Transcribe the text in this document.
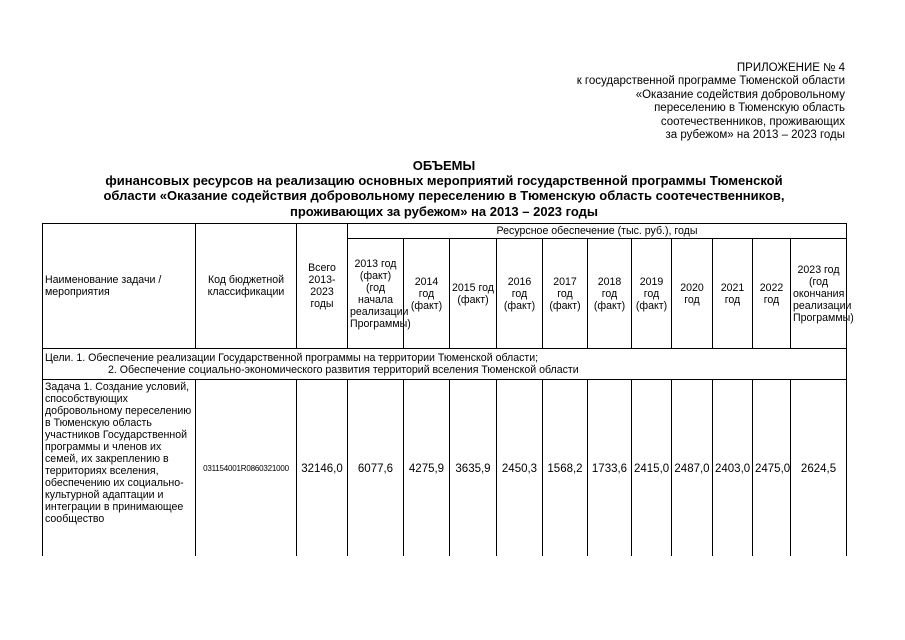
ПРИЛОЖЕНИЕ № 4
к государственной программе Тюменской области
«Оказание содействия добровольному
переселению в Тюменскую область
соотечественников, проживающих
за рубежом» на 2013 – 2023 годы
ОБЪЕМЫ
финансовых ресурсов на реализацию основных мероприятий государственной программы Тюменской
области «Оказание содействия добровольному переселению в Тюменскую область соотечественников,
проживающих за рубежом» на 2013 – 2023 годы
Наименование задачи / мероприятия	Код бюджетной классификации	Всего 2013-2023 годы	Ресурсное обеспечение (тыс. руб.), годы										
			2013 год (факт) (год начала реализации Программы)	2014 год (факт)	2015 год (факт)	2016 год (факт)	2017 год (факт)	2018 год (факт)	2019 год (факт)	2020 год	2021 год	2022 год	2023 год (год окончания реализации Программы)

Цели. 1. Обеспечение реализации Государственной программы на территории Тюменской области;
2. Обеспечение социально-экономического развития территорий вселения Тюменской области													

Задача 1. Создание условий, способствующих добровольному переселению в Тюменскую область участников Государственной программы и членов их семей, их закреплению в территориях вселения, обеспечению их социально-культурной адаптации и интеграции в принимающее сообщество	031154001R0860321000	32146,0	6077,6	4275,9	3635,9	2450,3	1568,2	1733,6	2415,0	2487,0	2403,0	2475,0	2624,5
